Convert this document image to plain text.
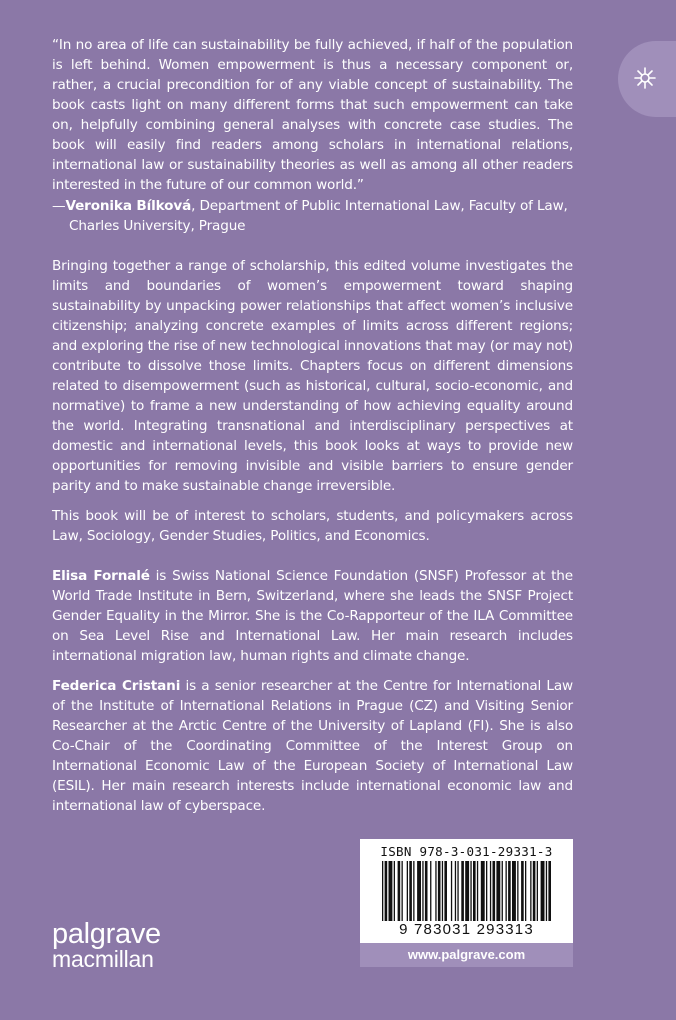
“In no area of life can sustainability be fully achieved, if half of the population is left behind. Women empowerment is thus a necessary component or, rather, a crucial precondition for of any viable concept of sustainability. The book casts light on many different forms that such empowerment can take on, helpfully combining general analyses with concrete case studies. The book will easily find readers among scholars in international relations, international law or sustainability theories as well as among all other readers interested in the future of our common world.”

—Veronika Bílková, Department of Public International Law, Faculty of Law,
Charles University, Prague

Bringing together a range of scholarship, this edited volume investigates the limits and boundaries of women’s empowerment toward shaping sustainability by unpacking power relationships that affect women’s inclusive citizenship; analyzing concrete examples of limits across different regions; and exploring the rise of new technological innovations that may (or may not) contribute to dissolve those limits. Chapters focus on different dimensions related to disempowerment (such as historical, cultural, socio-economic, and normative) to frame a new understanding of how achieving equality around the world. Integrating transnational and interdisciplinary perspectives at domestic and international levels, this book looks at ways to provide new opportunities for removing invisible and visible barriers to ensure gender parity and to make sustainable change irreversible.

This book will be of interest to scholars, students, and policymakers across Law, Sociology, Gender Studies, Politics, and Economics.

Elisa Fornalé is Swiss National Science Foundation (SNSF) Professor at the World Trade Institute in Bern, Switzerland, where she leads the SNSF Project Gender Equality in the Mirror. She is the Co-Rapporteur of the ILA Committee on Sea Level Rise and International Law. Her main research includes international migration law, human rights and climate change.

Federica Cristani is a senior researcher at the Centre for International Law of the Institute of International Relations in Prague (CZ) and Visiting Senior Researcher at the Arctic Centre of the University of Lapland (FI). She is also Co-Chair of the Coordinating Committee of the Interest Group on International Economic Law of the European Society of International Law (ESIL). Her main research interests include international economic law and international law of cyberspace.

palgrave
macmillan
ISBN 978-3-031-29331-3
9 783031 293313
www.palgrave.com
